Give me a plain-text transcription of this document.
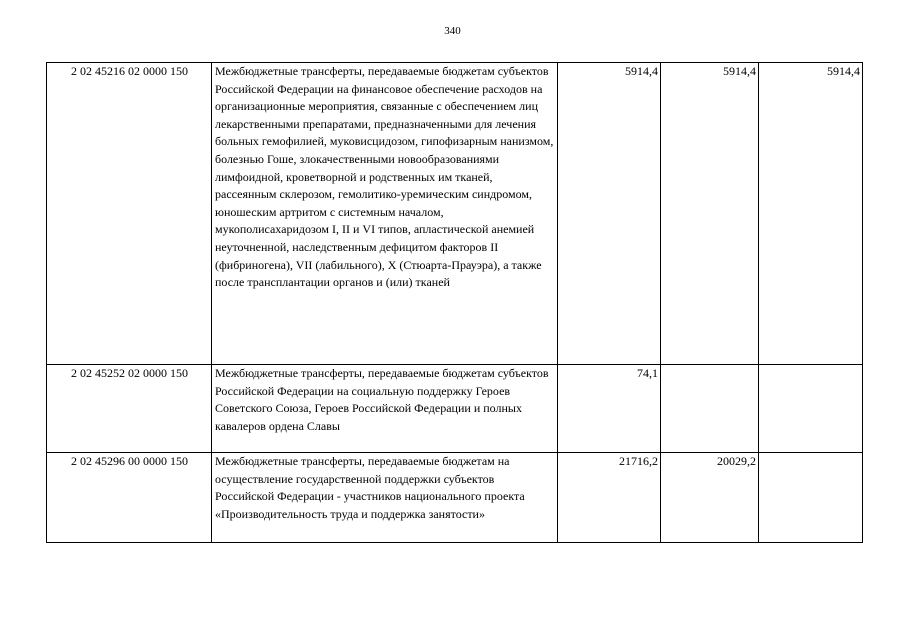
340
2 02 45216 02 0000 150	Межбюджетные трансферты, передаваемые бюджетам субъектов Российской Федерации на финансовое обеспечение расходов на организационные мероприятия, связанные с обеспечением лиц лекарственными препаратами, предназначенными для лечения больных гемофилией, муковисцидозом, гипофизарным нанизмом, болезнью Гоше, злокачественными новообразованиями лимфоидной, кроветворной и родственных им тканей, рассеянным склерозом, гемолитико-уремическим синдромом, юношеским артритом с системным началом, мукополисахаридозом I, II и VI типов, апластической анемией неуточненной, наследственным дефицитом факторов II (фибриногена), VII (лабильного), X (Стюарта-Прауэра), а также после трансплантации органов и (или) тканей	5914,4	5914,4	5914,4
2 02 45252 02 0000 150	Межбюджетные трансферты, передаваемые бюджетам субъектов Российской Федерации на социальную поддержку Героев Советского Союза, Героев Российской Федерации и полных кавалеров ордена Славы	74,1		
2 02 45296 00 0000 150	Межбюджетные трансферты, передаваемые бюджетам на осуществление государственной поддержки субъектов Российской Федерации - участников национального проекта «Производительность труда и поддержка занятости»	21716,2	20029,2	
